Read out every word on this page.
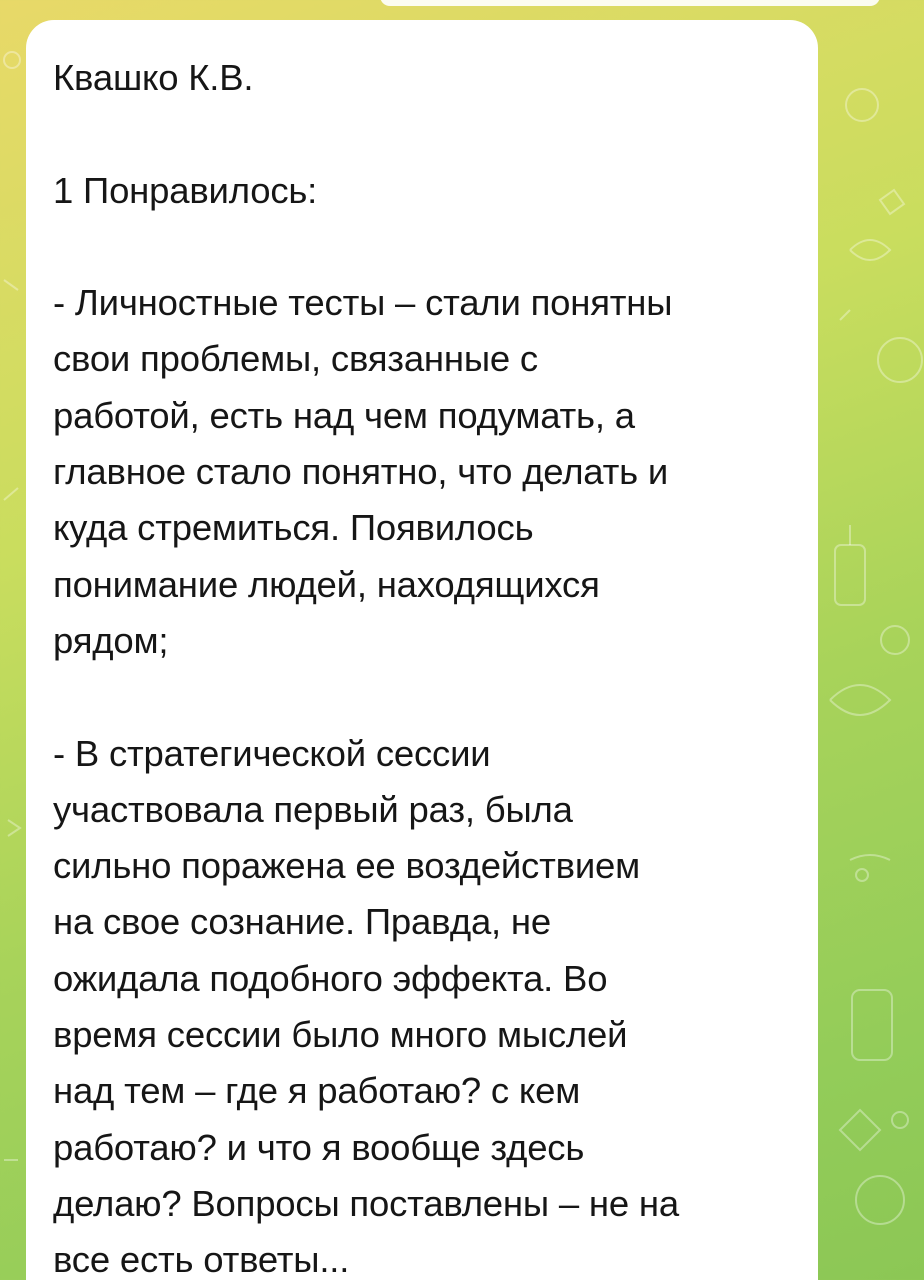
Квашко К.В.
1 Понравилось:
- Личностные тесты – стали понятны
свои проблемы, связанные с
работой, есть над чем подумать, а
главное стало понятно, что делать и
куда стремиться. Появилось
понимание людей, находящихся
рядом;
- В стратегической сессии
участвовала первый раз, была
сильно поражена ее воздействием
на свое сознание. Правда, не
ожидала подобного эффекта. Во
время сессии было много мыслей
над тем – где я работаю? с кем
работаю? и что я вообще здесь
делаю? Вопросы поставлены – не на
все есть ответы...
